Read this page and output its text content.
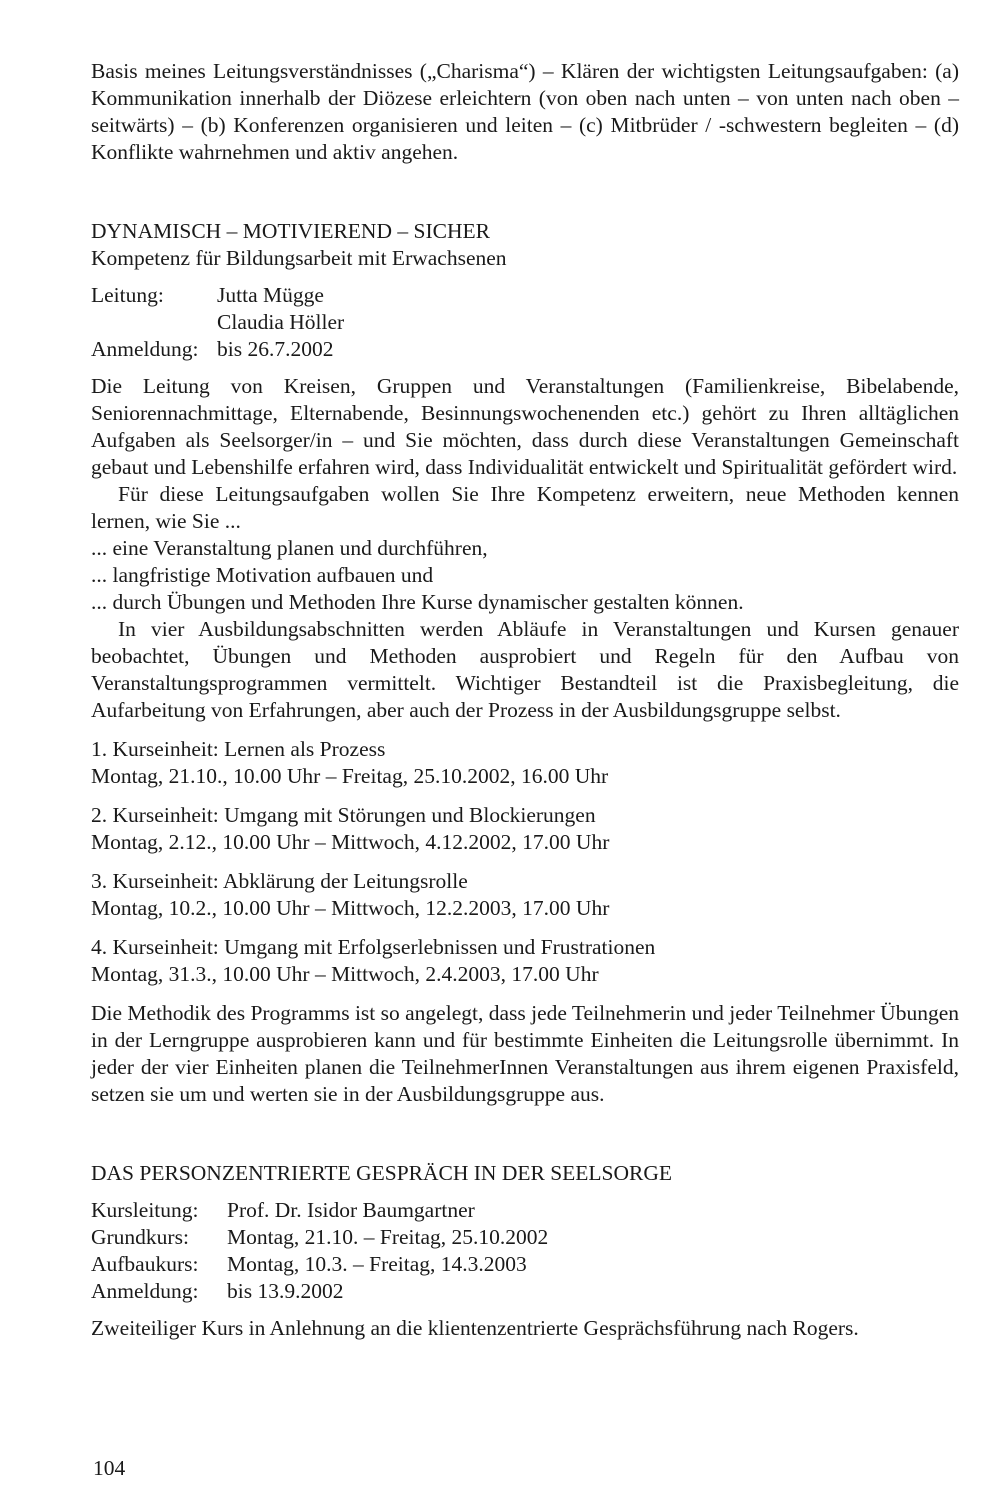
Basis meines Leitungsverständnisses („Charisma“) – Klären der wichtigsten Leitungsaufgaben: (a) Kommunikation innerhalb der Diözese erleichtern (von oben nach unten – von unten nach oben – seitwärts) – (b) Konferenzen organisieren und leiten – (c) Mitbrüder / -schwestern begleiten – (d) Konflikte wahrnehmen und aktiv angehen.

DYNAMISCH – MOTIVIEREND – SICHER

Kompetenz für Bildungsarbeit mit Erwachsenen

Leitung:	Jutta Mügge
Claudia Höller
Anmeldung: bis 26.7.2002

Die Leitung von Kreisen, Gruppen und Veranstaltungen (Familienkreise, Bibelabende, Seniorennachmittage, Elternabende, Besinnungswochenenden etc.) gehört zu Ihren alltäglichen Aufgaben als Seelsorger/in – und Sie möchten, dass durch diese Veranstaltungen Gemeinschaft gebaut und Lebenshilfe erfahren wird, dass Individualität entwickelt und Spiritualität gefördert wird.

Für diese Leitungsaufgaben wollen Sie Ihre Kompetenz erweitern, neue Methoden kennen lernen, wie Sie ...

... eine Veranstaltung planen und durchführen,

... langfristige Motivation aufbauen und

... durch Übungen und Methoden Ihre Kurse dynamischer gestalten können.

In vier Ausbildungsabschnitten werden Abläufe in Veranstaltungen und Kursen genauer beobachtet, Übungen und Methoden ausprobiert und Regeln für den Aufbau von Veranstaltungsprogrammen vermittelt. Wichtiger Bestandteil ist die Praxisbegleitung, die Aufarbeitung von Erfahrungen, aber auch der Prozess in der Ausbildungsgruppe selbst.

1. Kurseinheit: Lernen als Prozess

Montag, 21.10., 10.00 Uhr – Freitag, 25.10.2002, 16.00 Uhr

2. Kurseinheit: Umgang mit Störungen und Blockierungen

Montag, 2.12., 10.00 Uhr – Mittwoch, 4.12.2002, 17.00 Uhr

3. Kurseinheit: Abklärung der Leitungsrolle

Montag, 10.2., 10.00 Uhr – Mittwoch, 12.2.2003, 17.00 Uhr

4. Kurseinheit: Umgang mit Erfolgserlebnissen und Frustrationen

Montag, 31.3., 10.00 Uhr – Mittwoch, 2.4.2003, 17.00 Uhr

Die Methodik des Programms ist so angelegt, dass jede Teilnehmerin und jeder Teilnehmer Übungen in der Lerngruppe ausprobieren kann und für bestimmte Einheiten die Leitungsrolle übernimmt. In jeder der vier Einheiten planen die TeilnehmerInnen Veranstaltungen aus ihrem eigenen Praxisfeld, setzen sie um und werten sie in der Ausbildungsgruppe aus.

DAS PERSONZENTRIERTE GESPRÄCH IN DER SEELSORGE

Kursleitung:	Prof. Dr. Isidor Baumgartner
Grundkurs:	Montag, 21.10. – Freitag, 25.10.2002
Aufbaukurs:	Montag, 10.3. – Freitag, 14.3.2003
Anmeldung:	bis 13.9.2002

Zweiteiliger Kurs in Anlehnung an die klientenzentrierte Gesprächsführung nach Rogers.

104
